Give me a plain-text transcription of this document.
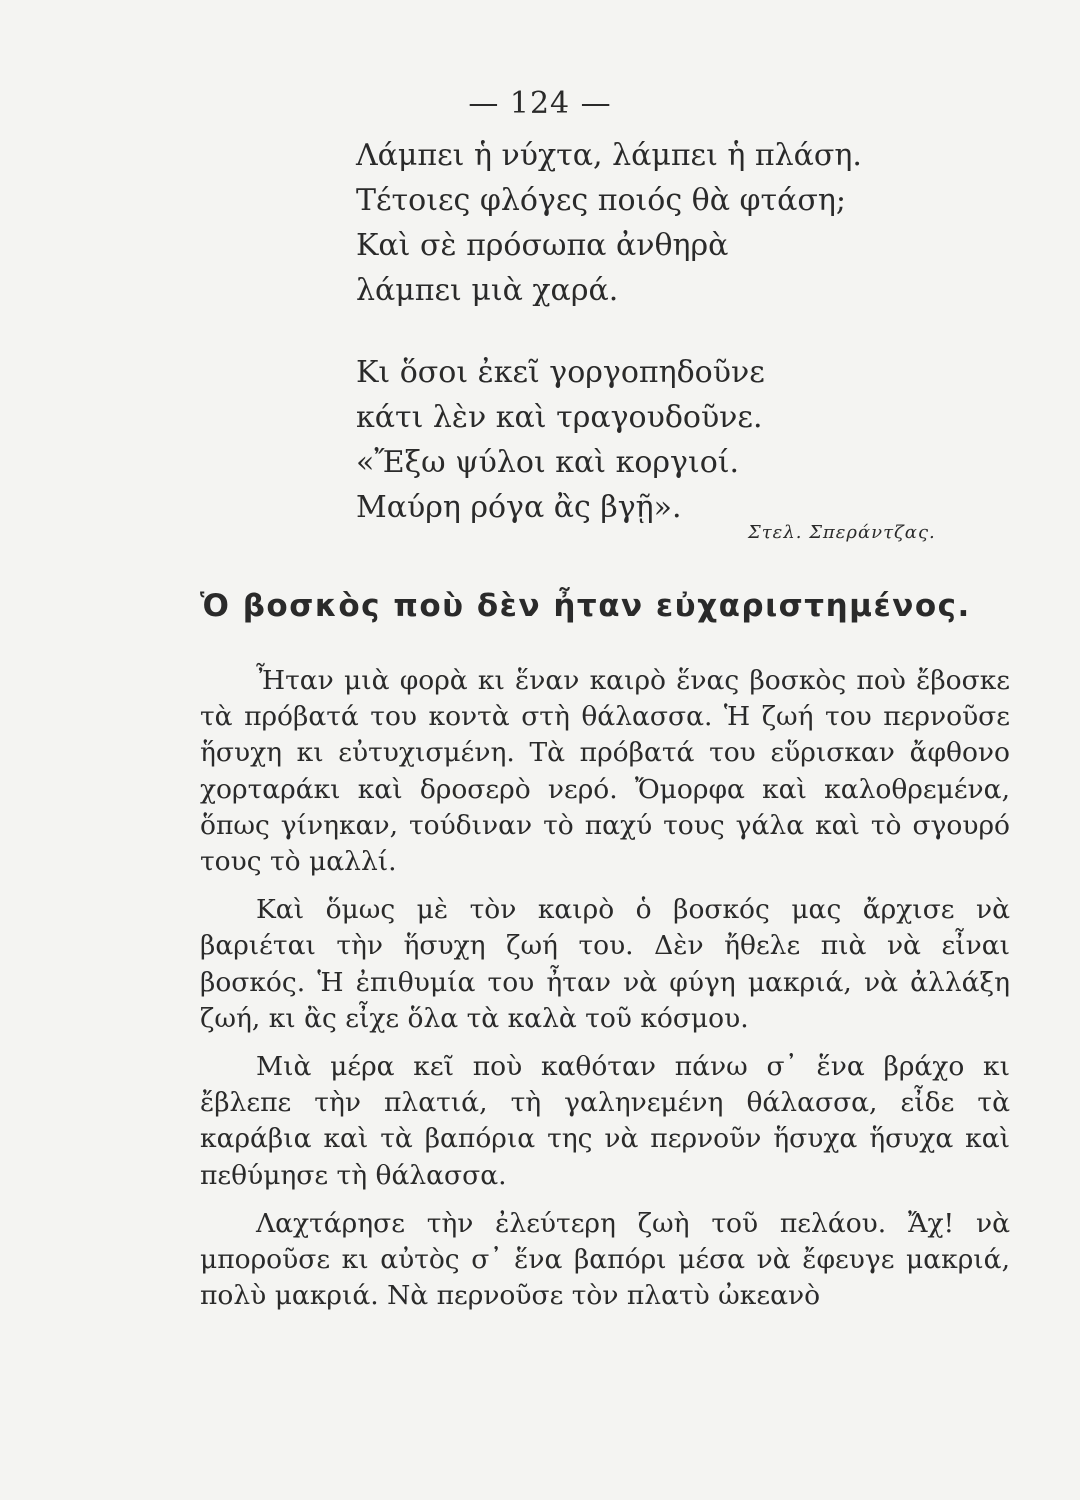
— 124 —
Λάμπει ἡ νύχτα, λάμπει ἡ πλάση.
Τέτοιες φλόγες ποιός θὰ φτάση;
Καὶ σὲ πρόσωπα ἀνθηρὰ
λάμπει μιὰ χαρά.
Κι ὅσοι ἐκεῖ γοργοπηδοῦνε
κάτι λὲν καὶ τραγουδοῦνε.
«Ἔξω ψύλοι καὶ κοργιοί.
Μαύρη ρόγα ἂς βγῇ».
Στελ. Σπεράντζας.
Ὁ βοσκὸς ποὺ δὲν ἦταν εὐχαριστημένος.

Ἦταν μιὰ φορὰ κι ἕναν καιρὸ ἕνας βοσκὸς ποὺ ἔβοσκε τὰ πρόβατά του κοντὰ στὴ θάλασσα. Ἡ ζωή του περνοῦσε ἥσυχη κι εὐτυχισμένη. Τὰ πρόβατά του εὕρισκαν ἄφθονο χορταράκι καὶ δροσερὸ νερό. Ὄμορφα καὶ καλοθρεμένα, ὅπως γίνηκαν, τούδιναν τὸ παχύ τους γάλα καὶ τὸ σγουρό τους τὸ μαλλί.

Καὶ ὅμως μὲ τὸν καιρὸ ὁ βοσκός μας ἄρχισε νὰ βαριέται τὴν ἥσυχη ζωή του. Δὲν ἤθελε πιὰ νὰ εἶναι βοσκός. Ἡ ἐπιθυμία του ἦταν νὰ φύγη μακριά, νὰ ἀλλάξη ζωή, κι ἂς εἶχε ὅλα τὰ καλὰ τοῦ κόσμου.

Μιὰ μέρα κεῖ ποὺ καθόταν πάνω σ᾿ ἕνα βράχο κι ἔβλεπε τὴν πλατιά, τὴ γαληνεμένη θάλασσα, εἶδε τὰ καράβια καὶ τὰ βαπόρια της νὰ περνοῦν ἥσυχα ἥσυχα καὶ πεθύμησε τὴ θάλασσα.

Λαχτάρησε τὴν ἐλεύτερη ζωὴ τοῦ πελάου. Ἄχ! νὰ μποροῦσε κι αὐτὸς σ᾿ ἕνα βαπόρι μέσα νὰ ἔφευγε μακριά, πολὺ μακριά. Νὰ περνοῦσε τὸν πλατὺ ὠκεανὸ
